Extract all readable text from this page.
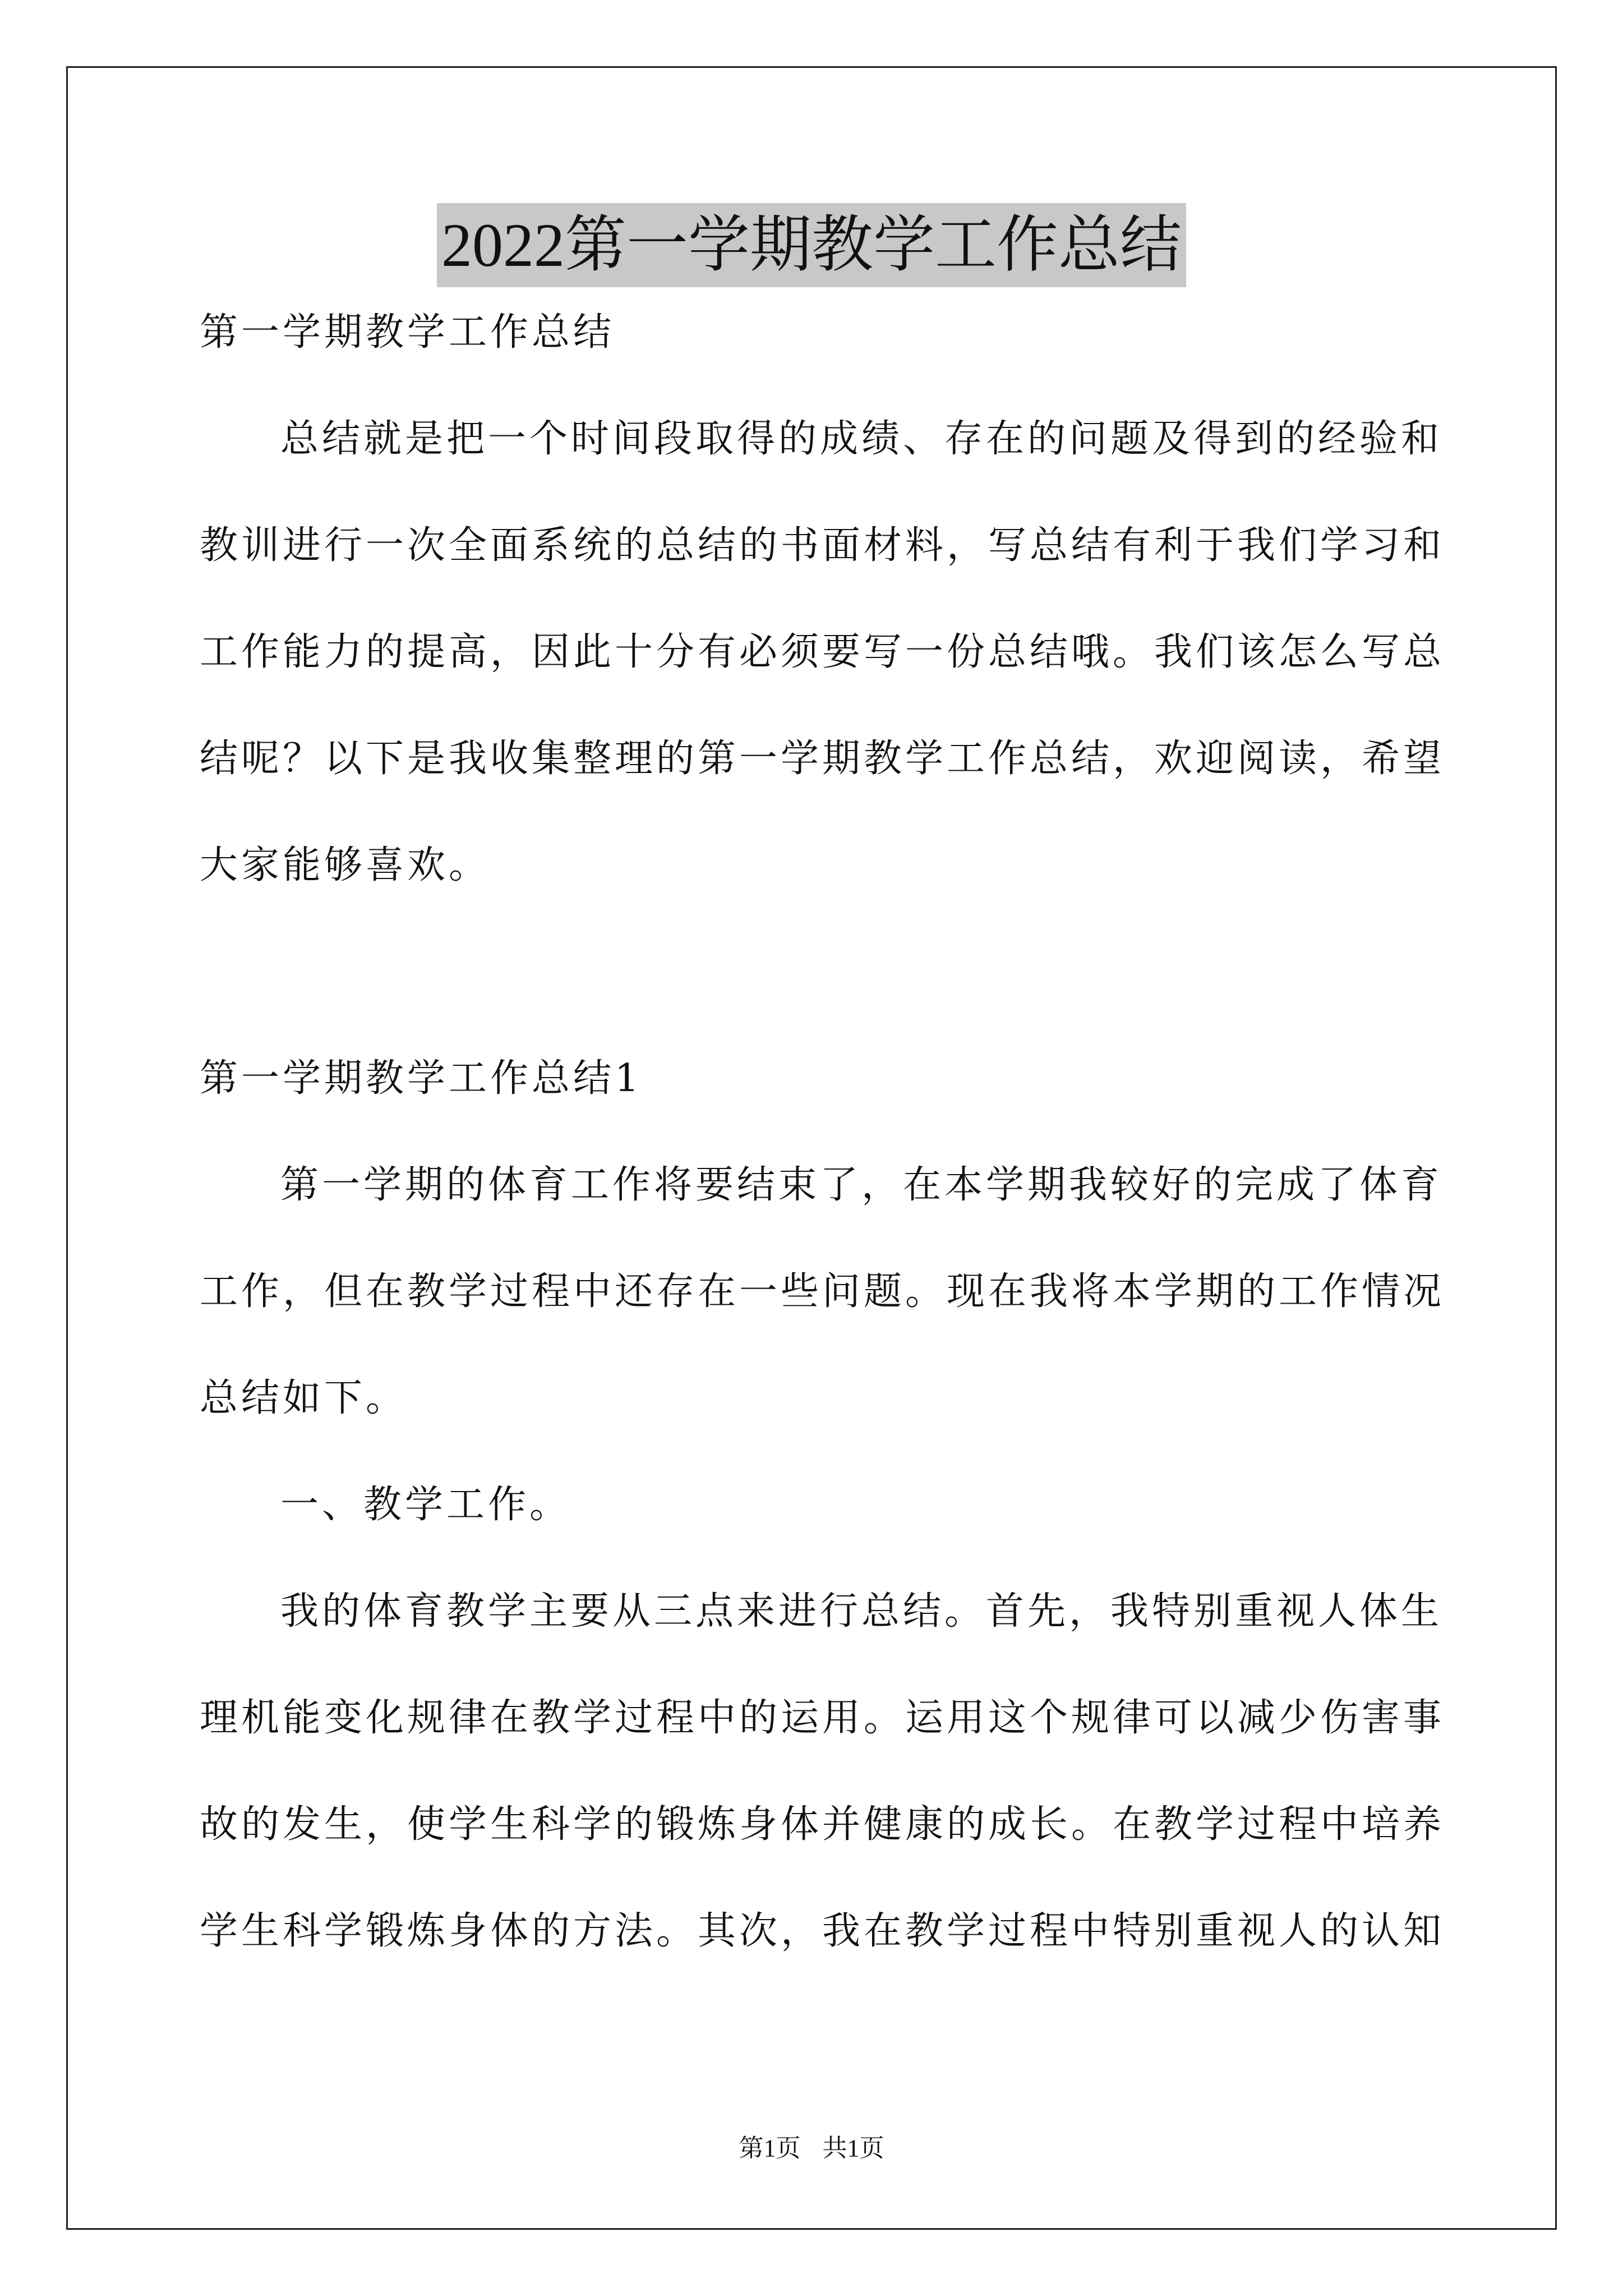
2022第一学期教学工作总结
第一学期教学工作总结
总结就是把一个时间段取得的成绩、存在的问题及得到的经验和
教训进行一次全面系统的总结的书面材料，写总结有利于我们学习和
工作能力的提高，因此十分有必须要写一份总结哦。我们该怎么写总
结呢？以下是我收集整理的第一学期教学工作总结，欢迎阅读，希望
大家能够喜欢。
第一学期教学工作总结1
第一学期的体育工作将要结束了，在本学期我较好的完成了体育
工作，但在教学过程中还存在一些问题。现在我将本学期的工作情况
总结如下。
一、教学工作。
我的体育教学主要从三点来进行总结。首先，我特别重视人体生
理机能变化规律在教学过程中的运用。运用这个规律可以减少伤害事
故的发生，使学生科学的锻炼身体并健康的成长。在教学过程中培养
学生科学锻炼身体的方法。其次，我在教学过程中特别重视人的认知
第1页 共1页
